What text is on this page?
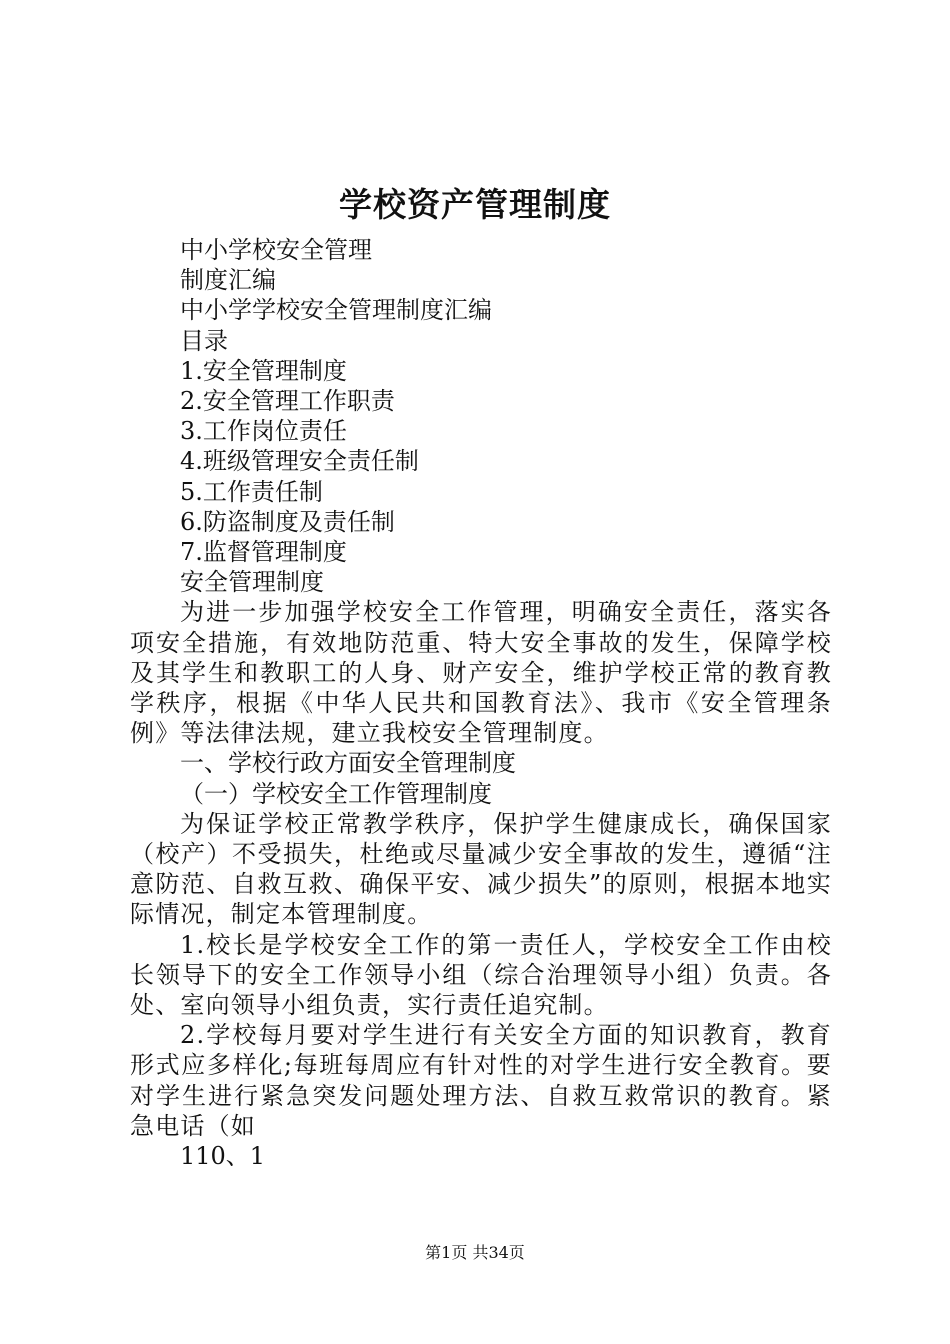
学校资产管理制度

中小学校安全管理

制度汇编

中小学学校安全管理制度汇编

目录

1.安全管理制度

2.安全管理工作职责

3.工作岗位责任

4.班级管理安全责任制

5.工作责任制

6.防盗制度及责任制

7.监督管理制度

安全管理制度

为进一步加强学校安全工作管理，明确安全责任，落实各项安全措施，有效地防范重、特大安全事故的发生，保障学校及其学生和教职工的人身、财产安全，维护学校正常的教育教学秩序，根据《中华人民共和国教育法》、我市《安全管理条例》等法律法规，建立我校安全管理制度。

一、学校行政方面安全管理制度

（一）学校安全工作管理制度

为保证学校正常教学秩序，保护学生健康成长，确保国家（校产）不受损失，杜绝或尽量减少安全事故的发生，遵循“注意防范、自救互救、确保平安、减少损失”的原则，根据本地实际情况，制定本管理制度。

1.校长是学校安全工作的第一责任人，学校安全工作由校长领导下的安全工作领导小组（综合治理领导小组）负责。各处、室向领导小组负责，实行责任追究制。

2.学校每月要对学生进行有关安全方面的知识教育，教育形式应多样化;每班每周应有针对性的对学生进行安全教育。要对学生进行紧急突发问题处理方法、自救互救常识的教育。紧急电话（如

110、1

第1页 共34页
